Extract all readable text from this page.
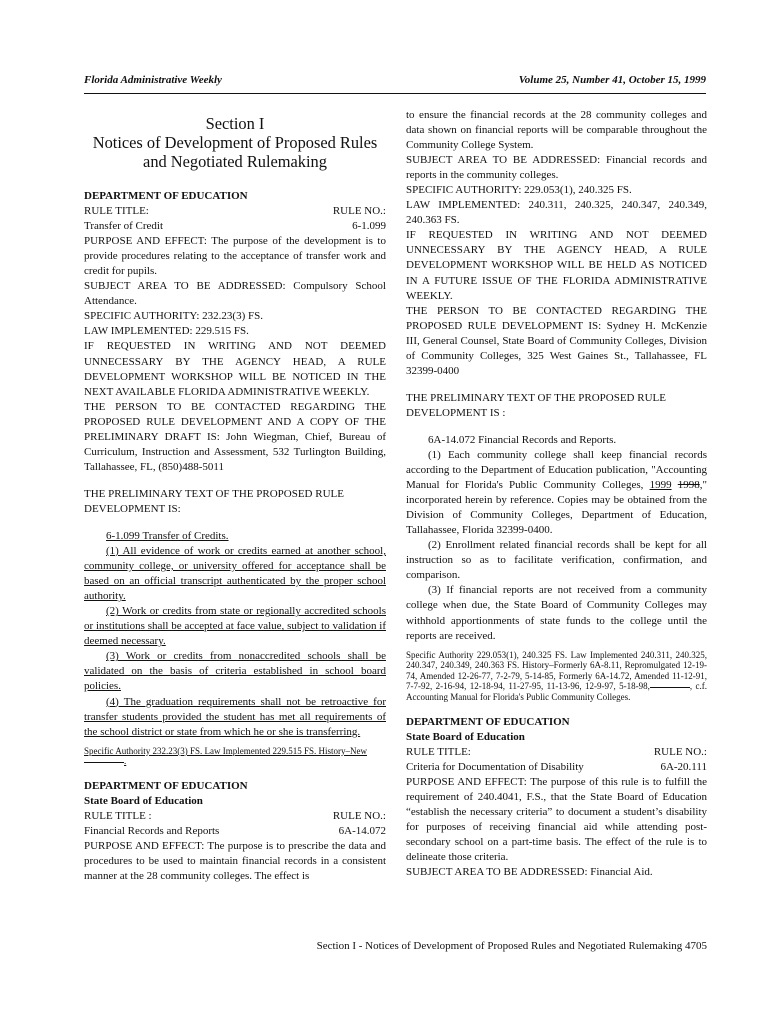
Florida Administrative Weekly	Volume 25, Number 41, October 15, 1999
Section I
Notices of Development of Proposed Rules
and Negotiated Rulemaking

DEPARTMENT OF EDUCATION

RULE TITLE:	RULE NO.:
Transfer of Credit	6-1.099

PURPOSE AND EFFECT: The purpose of the development is to provide procedures relating to the acceptance of transfer work and credit for pupils.

SUBJECT AREA TO BE ADDRESSED: Compulsory School Attendance.

SPECIFIC AUTHORITY: 232.23(3) FS.

LAW IMPLEMENTED: 229.515 FS.

IF REQUESTED IN WRITING AND NOT DEEMED UNNECESSARY BY THE AGENCY HEAD, A RULE DEVELOPMENT WORKSHOP WILL BE NOTICED IN THE NEXT AVAILABLE FLORIDA ADMINISTRATIVE WEEKLY.

THE PERSON TO BE CONTACTED REGARDING THE PROPOSED RULE DEVELOPMENT AND A COPY OF THE PRELIMINARY DRAFT IS: John Wiegman, Chief, Bureau of Curriculum, Instruction and Assessment, 532 Turlington Building, Tallahassee, FL, (850)488-5011

THE PRELIMINARY TEXT OF THE PROPOSED RULE DEVELOPMENT IS:

6-1.099 Transfer of Credits.

(1) All evidence of work or credits earned at another school, community college, or university offered for acceptance shall be based on an official transcript authenticated by the proper school authority.

(2) Work or credits from state or regionally accredited schools or institutions shall be accepted at face value, subject to validation if deemed necessary.

(3) Work or credits from nonaccredited schools shall be validated on the basis of criteria established in school board policies.

(4) The graduation requirements shall not be retroactive for transfer students provided the student has met all requirements of the school district or state from which he or she is transferring.

Specific Authority 232.23(3) FS. Law Implemented 229.515 FS. History–New
.

DEPARTMENT OF EDUCATION

State Board of Education

RULE TITLE :	RULE NO.:
Financial Records and Reports	6A-14.072

PURPOSE AND EFFECT: The purpose is to prescribe the data and procedures to be used to maintain financial records in a consistent manner at the 28 community colleges. The effect is

to ensure the financial records at the 28 community colleges and data shown on financial reports will be comparable throughout the Community College System.

SUBJECT AREA TO BE ADDRESSED: Financial records and reports in the community colleges.

SPECIFIC AUTHORITY: 229.053(1), 240.325 FS.

LAW IMPLEMENTED: 240.311, 240.325, 240.347, 240.349, 240.363 FS.

IF REQUESTED IN WRITING AND NOT DEEMED UNNECESSARY BY THE AGENCY HEAD, A RULE DEVELOPMENT WORKSHOP WILL BE HELD AS NOTICED IN A FUTURE ISSUE OF THE FLORIDA ADMINISTRATIVE WEEKLY.

THE PERSON TO BE CONTACTED REGARDING THE PROPOSED RULE DEVELOPMENT IS: Sydney H. McKenzie III, General Counsel, State Board of Community Colleges, Division of Community Colleges, 325 West Gaines St., Tallahassee, FL 32399-0400

THE PRELIMINARY TEXT OF THE PROPOSED RULE DEVELOPMENT IS :

6A-14.072 Financial Records and Reports.

(1) Each community college shall keep financial records according to the Department of Education publication, "Accounting Manual for Florida's Public Community Colleges, 1999 1998," incorporated herein by reference. Copies may be obtained from the Division of Community Colleges, Department of Education, Tallahassee, Florida 32399-0400.

(2) Enrollment related financial records shall be kept for all instruction so as to facilitate verification, confirmation, and comparison.

(3) If financial reports are not received from a community college when due, the State Board of Community Colleges may withhold apportionments of state funds to the college until the reports are received.

Specific Authority 229.053(1), 240.325 FS. Law Implemented 240.311, 240.325, 240.347, 240.349, 240.363 FS. History–Formerly 6A-8.11, Repromulgated 12-19-74, Amended 12-26-77, 7-2-79, 5-14-85, Formerly 6A-14.72, Amended 11-12-91, 7-7-92, 2-16-94, 12-18-94, 11-27-95, 11-13-96, 12-9-97, 5-18-98,	, c.f. Accounting Manual for Florida's Public Community Colleges.

DEPARTMENT OF EDUCATION

State Board of Education

RULE TITLE:	RULE NO.:
Criteria for Documentation of Disability	6A-20.111

PURPOSE AND EFFECT: The purpose of this rule is to fulfill the requirement of 240.4041, F.S., that the State Board of Education “establish the necessary criteria” to document a student’s disability for purposes of receiving financial aid while attending post-secondary school on a part-time basis. The effect of the rule is to delineate those criteria.

SUBJECT AREA TO BE ADDRESSED: Financial Aid.

Section I - Notices of Development of Proposed Rules and Negotiated Rulemaking 4705
